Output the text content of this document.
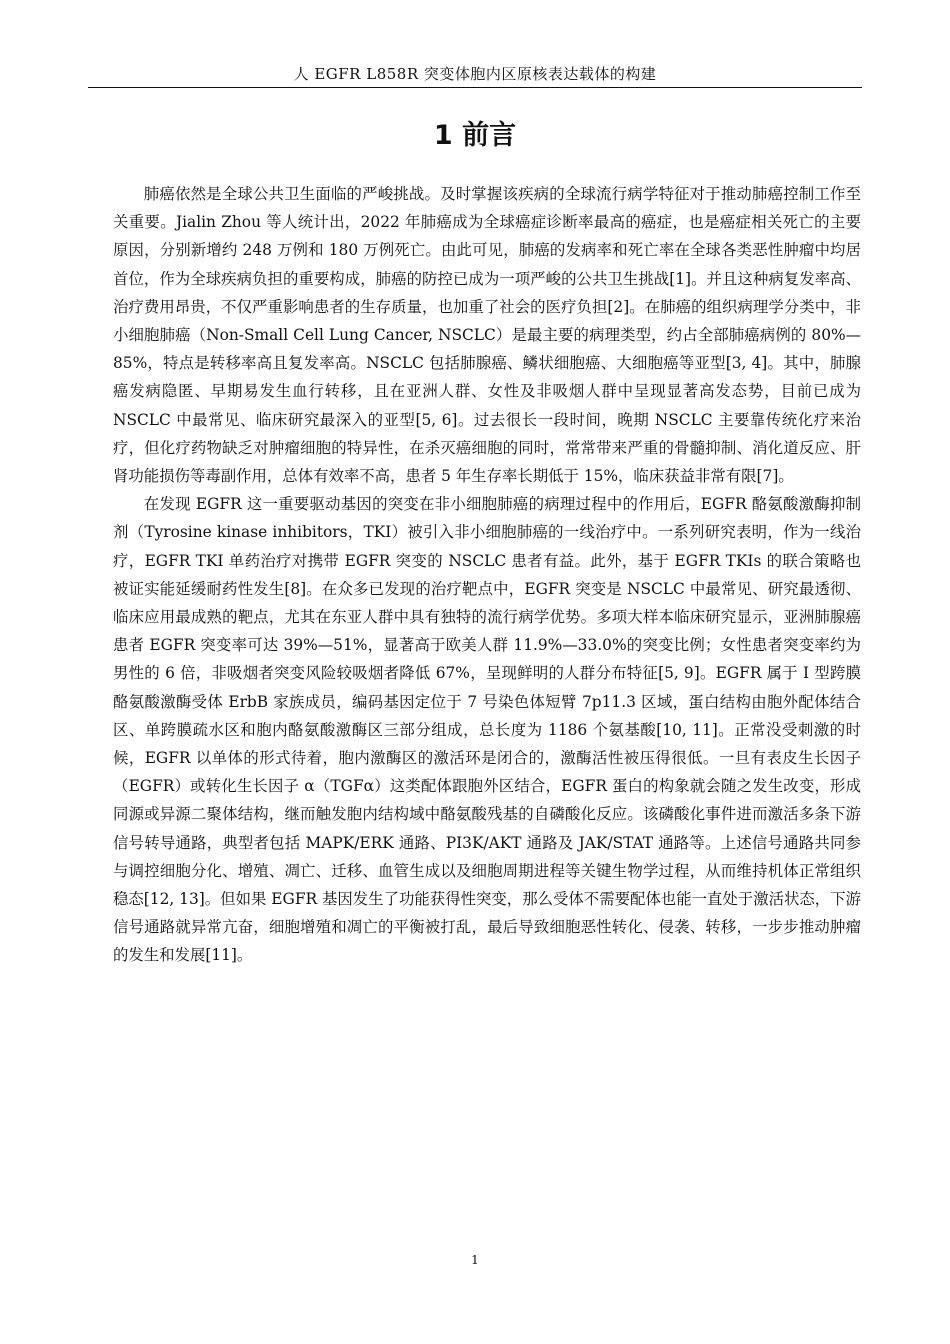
人 EGFR L858R 突变体胞内区原核表达载体的构建
1 前言

肺癌依然是全球公共卫生面临的严峻挑战。及时掌握该疾病的全球流行病学特征对于推动肺癌控制工作至关重要。Jialin Zhou 等人统计出，2022 年肺癌成为全球癌症诊断率最高的癌症，也是癌症相关死亡的主要原因，分别新增约 248 万例和 180 万例死亡。由此可见，肺癌的发病率和死亡率在全球各类恶性肿瘤中均居首位，作为全球疾病负担的重要构成，肺癌的防控已成为一项严峻的公共卫生挑战[1]。并且这种病复发率高、治疗费用昂贵，不仅严重影响患者的生存质量，也加重了社会的医疗负担[2]。在肺癌的组织病理学分类中，非小细胞肺癌（Non-Small Cell Lung Cancer, NSCLC）是最主要的病理类型，约占全部肺癌病例的 80%—85%，特点是转移率高且复发率高。NSCLC 包括肺腺癌、鳞状细胞癌、大细胞癌等亚型[3, 4]。其中，肺腺癌发病隐匿、早期易发生血行转移，且在亚洲人群、女性及非吸烟人群中呈现显著高发态势，目前已成为 NSCLC 中最常见、临床研究最深入的亚型[5, 6]。过去很长一段时间，晚期 NSCLC 主要靠传统化疗来治疗，但化疗药物缺乏对肿瘤细胞的特异性，在杀灭癌细胞的同时，常常带来严重的骨髓抑制、消化道反应、肝肾功能损伤等毒副作用，总体有效率不高，患者 5 年生存率长期低于 15%，临床获益非常有限[7]。

在发现 EGFR 这一重要驱动基因的突变在非小细胞肺癌的病理过程中的作用后，EGFR 酪氨酸激酶抑制剂（Tyrosine kinase inhibitors，TKI）被引入非小细胞肺癌的一线治疗中。一系列研究表明，作为一线治疗，EGFR TKI 单药治疗对携带 EGFR 突变的 NSCLC 患者有益。此外，基于 EGFR TKIs 的联合策略也被证实能延缓耐药性发生[8]。在众多已发现的治疗靶点中，EGFR 突变是 NSCLC 中最常见、研究最透彻、临床应用最成熟的靶点，尤其在东亚人群中具有独特的流行病学优势。多项大样本临床研究显示，亚洲肺腺癌患者 EGFR 突变率可达 39%—51%，显著高于欧美人群 11.9%—33.0%的突变比例；女性患者突变率约为男性的 6 倍，非吸烟者突变风险较吸烟者降低 67%，呈现鲜明的人群分布特征[5, 9]。EGFR 属于 I 型跨膜酪氨酸激酶受体 ErbB 家族成员，编码基因定位于 7 号染色体短臂 7p11.3 区域，蛋白结构由胞外配体结合区、单跨膜疏水区和胞内酪氨酸激酶区三部分组成，总长度为 1186 个氨基酸[10, 11]。正常没受刺激的时候，EGFR 以单体的形式待着，胞内激酶区的激活环是闭合的，激酶活性被压得很低。一旦有表皮生长因子（EGFR）或转化生长因子 α（TGFα）这类配体跟胞外区结合，EGFR 蛋白的构象就会随之发生改变，形成同源或异源二聚体结构，继而触发胞内结构域中酪氨酸残基的自磷酸化反应。该磷酸化事件进而激活多条下游信号转导通路，典型者包括 MAPK/ERK 通路、PI3K/AKT 通路及 JAK/STAT 通路等。上述信号通路共同参与调控细胞分化、增殖、凋亡、迁移、血管生成以及细胞周期进程等关键生物学过程，从而维持机体正常组织稳态[12, 13]。但如果 EGFR 基因发生了功能获得性突变，那么受体不需要配体也能一直处于激活状态，下游信号通路就异常亢奋，细胞增殖和凋亡的平衡被打乱，最后导致细胞恶性转化、侵袭、转移，一步步推动肿瘤的发生和发展[11]。

1
